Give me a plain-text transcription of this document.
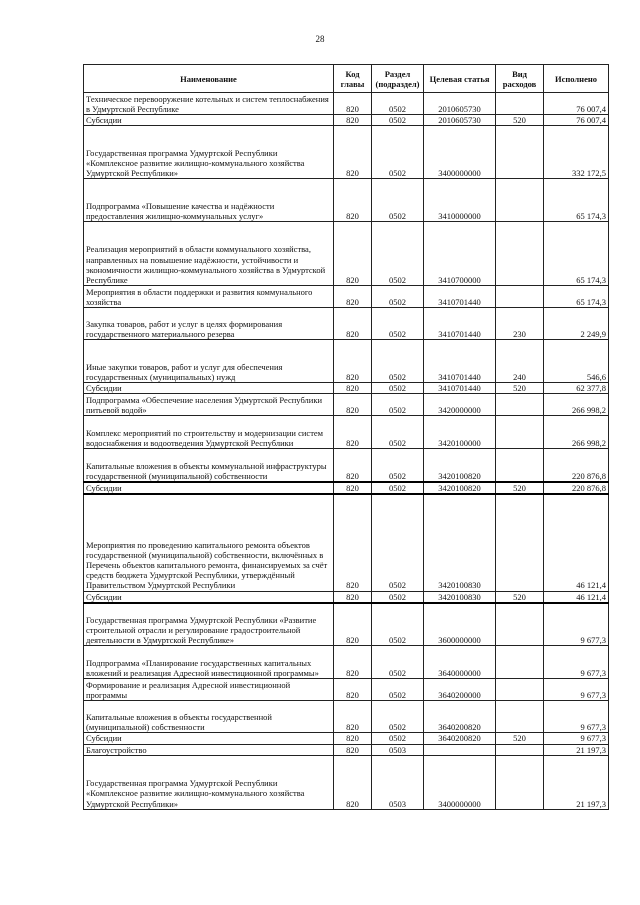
28
Наименование	Код главы	Раздел (подраздел)	Целевая статья	Вид расходов	Исполнено
Техническое перевооружение котельных и систем теплоснабжения в Удмуртской Республике	820	0502	2010605730		76 007,4
Субсидии	820	0502	2010605730	520	76 007,4
Государственная программа Удмуртской Республики «Комплексное развитие жилищно-коммунального хозяйства Удмуртской Республики»	820	0502	3400000000		332 172,5
Подпрограмма «Повышение качества и надёжности предоставления жилищно-коммунальных услуг»	820	0502	3410000000		65 174,3
Реализация мероприятий в области коммунального хозяйства, направленных на повышение надёжности, устойчивости и экономичности жилищно-коммунального хозяйства в Удмуртской Республике	820	0502	3410700000		65 174,3
Мероприятия в области поддержки и развития коммунального хозяйства	820	0502	3410701440		65 174,3
Закупка товаров, работ и услуг в целях формирования государственного материального резерва	820	0502	3410701440	230	2 249,9
Иные закупки товаров, работ и услуг для обеспечения государственных (муниципальных) нужд	820	0502	3410701440	240	546,6
Субсидии	820	0502	3410701440	520	62 377,8
Подпрограмма «Обеспечение населения Удмуртской Республики питьевой водой»	820	0502	3420000000		266 998,2
Комплекс мероприятий по строительству и модернизации систем водоснабжения и водоотведения Удмуртской Республики	820	0502	3420100000		266 998,2
Капитальные вложения в объекты коммунальной инфраструктуры государственной (муниципальной) собственности	820	0502	3420100820		220 876,8
Субсидии	820	0502	3420100820	520	220 876,8
Мероприятия по проведению капитального ремонта объектов государственной (муниципальной) собственности, включённых в Перечень объектов капитального ремонта, финансируемых за счёт средств бюджета Удмуртской Республики, утверждённый Правительством Удмуртской Республики	820	0502	3420100830		46 121,4
Субсидии	820	0502	3420100830	520	46 121,4
Государственная программа Удмуртской Республики «Развитие строительной отрасли и регулирование градостроительной деятельности в Удмуртской Республике»	820	0502	3600000000		9 677,3
Подпрограмма «Планирование государственных капитальных вложений и реализация Адресной инвестиционной программы»	820	0502	3640000000		9 677,3
Формирование и реализация Адресной инвестиционной программы	820	0502	3640200000		9 677,3
Капитальные вложения в объекты государственной (муниципальной) собственности	820	0502	3640200820		9 677,3
Субсидии	820	0502	3640200820	520	9 677,3
Благоустройство	820	0503			21 197,3
Государственная программа Удмуртской Республики «Комплексное развитие жилищно-коммунального хозяйства Удмуртской Республики»	820	0503	3400000000		21 197,3
